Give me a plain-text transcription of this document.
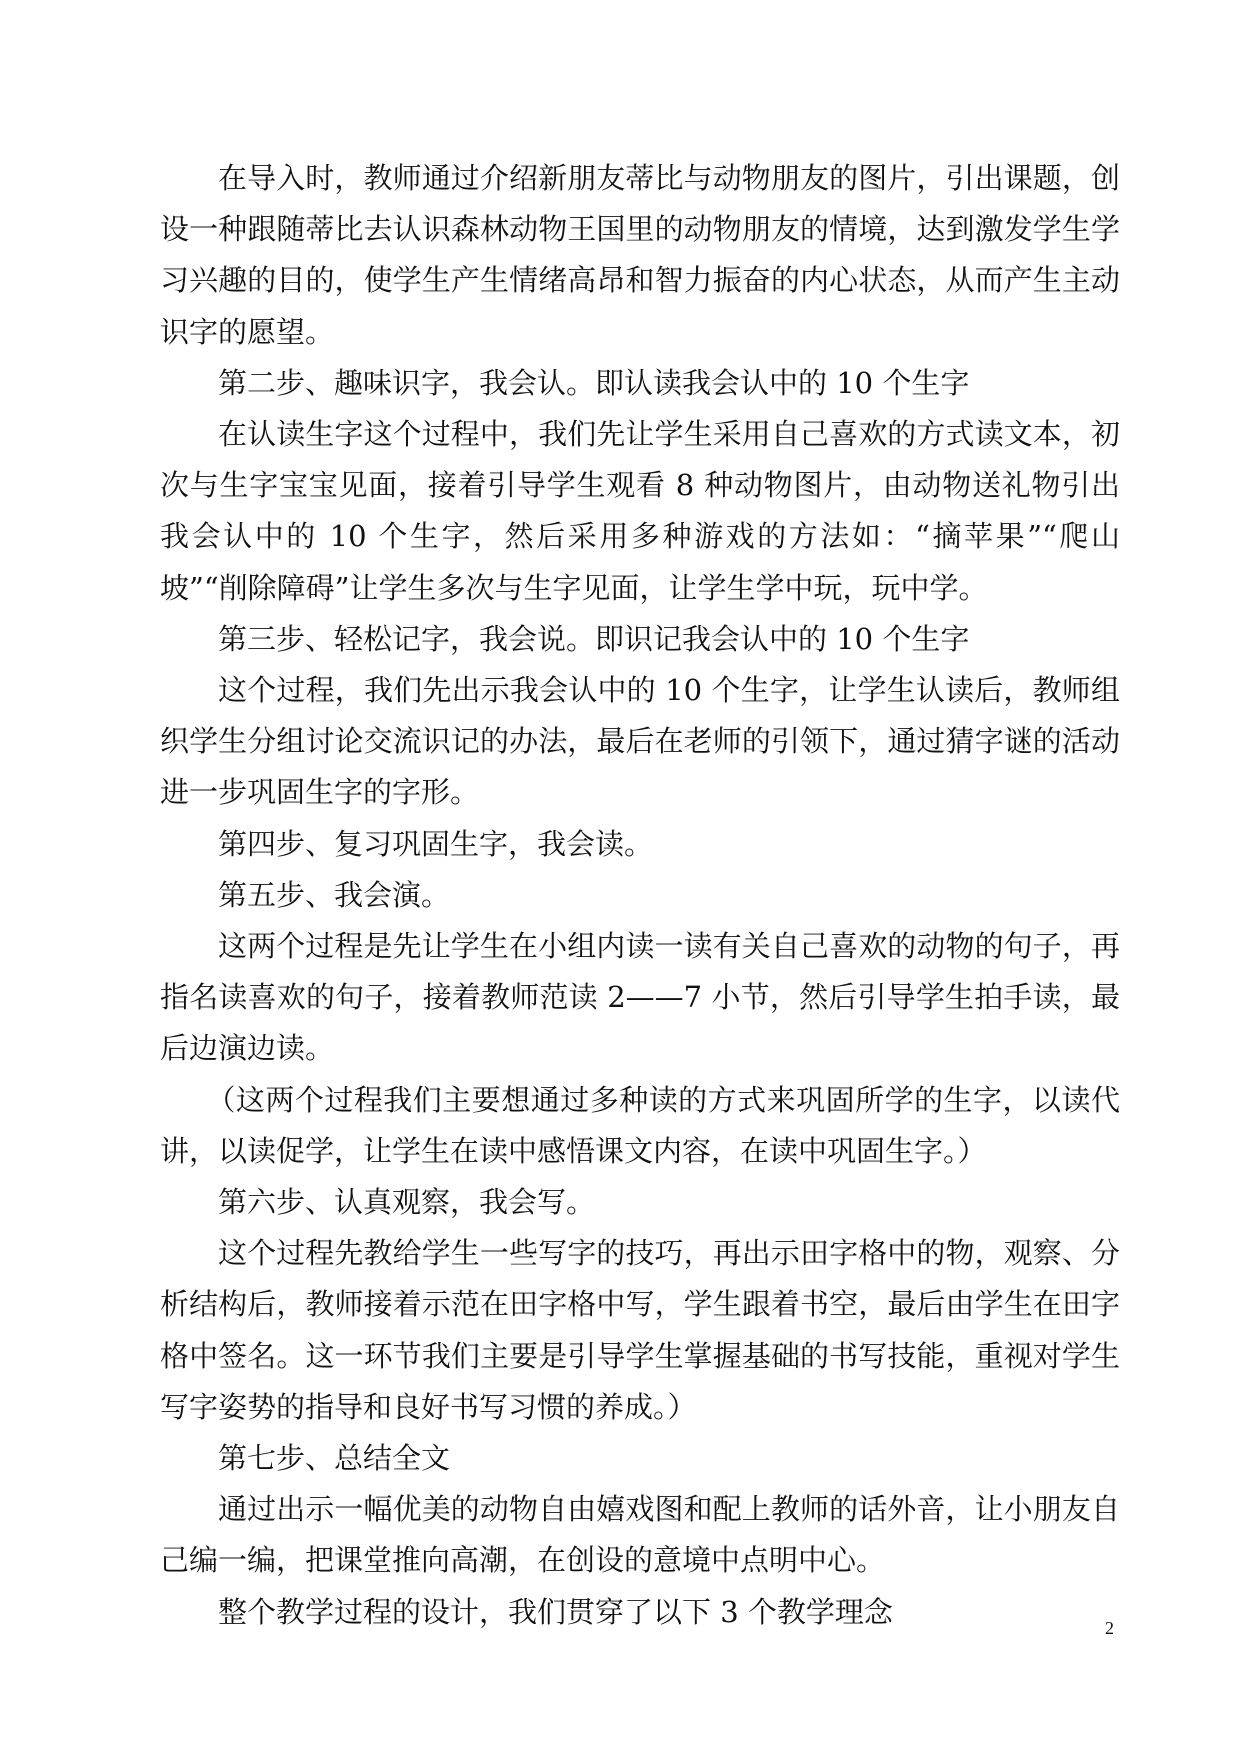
在导入时，教师通过介绍新朋友蒂比与动物朋友的图片，引出课题，创设一种跟随蒂比去认识森林动物王国里的动物朋友的情境，达到激发学生学习兴趣的目的，使学生产生情绪高昂和智力振奋的内心状态，从而产生主动识字的愿望。

第二步、趣味识字，我会认。即认读我会认中的 10 个生字

在认读生字这个过程中，我们先让学生采用自己喜欢的方式读文本，初次与生字宝宝见面，接着引导学生观看 8 种动物图片，由动物送礼物引出我会认中的 10 个生字，然后采用多种游戏的方法如：“摘苹果”“爬山坡”“削除障碍”让学生多次与生字见面，让学生学中玩，玩中学。

第三步、轻松记字，我会说。即识记我会认中的 10 个生字

这个过程，我们先出示我会认中的 10 个生字，让学生认读后，教师组织学生分组讨论交流识记的办法，最后在老师的引领下，通过猜字谜的活动进一步巩固生字的字形。

第四步、复习巩固生字，我会读。

第五步、我会演。

这两个过程是先让学生在小组内读一读有关自己喜欢的动物的句子，再指名读喜欢的句子，接着教师范读 2——7 小节，然后引导学生拍手读，最后边演边读。

（这两个过程我们主要想通过多种读的方式来巩固所学的生字，以读代讲，以读促学，让学生在读中感悟课文内容，在读中巩固生字。）

第六步、认真观察，我会写。

这个过程先教给学生一些写字的技巧，再出示田字格中的物，观察、分析结构后，教师接着示范在田字格中写，学生跟着书空，最后由学生在田字格中签名。这一环节我们主要是引导学生掌握基础的书写技能，重视对学生写字姿势的指导和良好书写习惯的养成。）

第七步、总结全文

通过出示一幅优美的动物自由嬉戏图和配上教师的话外音，让小朋友自己编一编，把课堂推向高潮，在创设的意境中点明中心。

整个教学过程的设计，我们贯穿了以下 3 个教学理念	2
